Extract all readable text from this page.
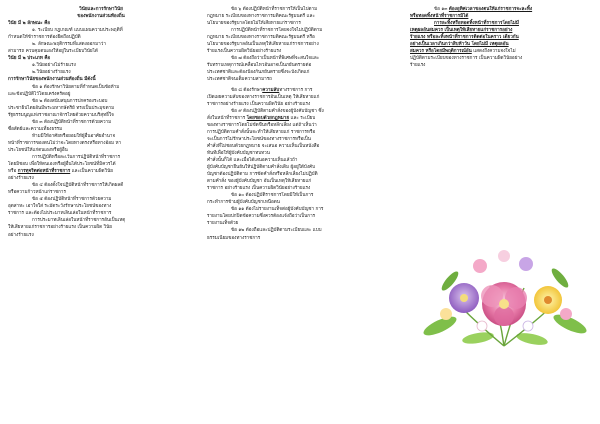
วินัยและการรักษาวินัย

ของพนักงานส่วนท้องถิ่น

วินัย มี ๒ ลักษณะ คือ

๑. ระเบียบ กฎเกณฑ์ แบบแผนความประพฤติที่

กำหนดให้ข้าราชการต้องยึดถือปฏิบัติ

๒. ลักษณะพฤติกรรมที่แสดงออกมาว่า

สามารถ ควบคุมตนเองให้อยู่ในระเบียบวินัยได้

วินัย มี ๒ ประเภท คือ

๑.วินัยอย่างไม่ร้ายแรง

๒.วินัยอย่างร้ายแรง

การรักษาวินัยของพนักงานส่วนท้องถิ่น มีดังนี้

ข้อ ๑ ต้องรักษาวินัยตามที่กำหนดเป็นข้อห้าม

และข้อปฏิบัติไว้โดยเคร่งครัดอยู่

ข้อ ๒ ต้องสนับสนุนการปกครองระบอบ

ประชาธิปไตยอันมีพระมหากษัตริย์ ทรงเป็นประมุขตาม

รัฐธรรมนูญแห่งราชอาณาจักรไทยด้วยความบริสุทธิ์ใจ

ข้อ ๓ ต้องปฏิบัติหน้าที่ราชการด้วยความ

ซื่อสัตย์และความเที่ยงธรรม

ห้ามมิให้อาศัยหรือยอมให้ผู้อื่นอาศัยอำนาจ

หน้าที่ราชการของตนไม่ว่าจะโดยทางตรงหรือทางอ้อม หา

ประโยชน์ให้แก่ตนเองหรือผู้อื่น

การปฏิบัติหรือละเว้นการปฏิบัติหน้าที่ราชการ

โดยมิชอบ เพื่อให้ตนเองหรือผู้อื่นได้ประโยชน์ที่มิควรได้

หรือ การทุจริตต่อหน้าที่ราชการ และเป็นความผิดวินัย

อย่างร้ายแรง

ข้อ ๔ ต้องตั้งใจปฏิบัติหน้าที่ราชการให้เกิดผลดี

หรือความก้าวหน้าแก่ราชการ

ข้อ ๕ ต้องปฏิบัติหน้าที่ราชการด้วยความ

อุตสาหะ เอาใจใส่ ระมัดระวังรักษาประโยชน์ของทาง

ราชการ และต้องไม่ประมาทเลินเล่อในหน้าที่ราชการ

การประมาทเลินเล่อในหน้าที่ราชการอันเป็นเหตุ

ให้เสียหายแก่ราชการอย่างร้ายแรง เป็นความผิด วินัย

อย่างร้ายแรง

ข้อ ๖ ต้องปฏิบัติหน้าที่ราชการให้เป็นไปตาม

กฎหมาย ระเบียบของทางราชการมติคณะรัฐมนตรี และ

นโยบายของรัฐบาลโดยไม่ให้เสียหายแก่ราชการ

การปฏิบัติหน้าที่ราชการโดยจงใจไม่ปฏิบัติตาม

กฎหมาย ระเบียบของทางราชการมติคณะรัฐมนตรี หรือ

นโยบายของรัฐบาลอันเป็นเหตุให้เสียหายแก่ราชการอย่าง

ร้ายแรงเป็นความผิดวินัยอย่างร้ายแรง

ข้อ ๗ ต้องถือว่าเป็นหน้าที่พิเศษที่จะสนใจและ

รับทราบเหตุการณ์เคลื่อนไหวอันอาจเป็นภยันตรายต่อ

ประเทศชาติและต้องป้องกันภยันตรายซึ่งจะบังเกิดแก่

ประเทศชาติจนเต็มความสามารถ

ข้อ ๘ ต้องรักษาความลับทางราชการ การ

เปิดเผยความลับของทางราชการอันเป็นเหตุ ให้เสียหายแก่

ราชการอย่างร้ายแรง เป็นความผิดวินัย อย่างร้ายแรง

ข้อ ๙ ต้องปฏิบัติตามคำสั่งของผู้บังคับบัญชา ซึ่ง

สั่งในหน้าที่ราชการ โดยชอบด้วยกฎหมาย และ ระเบียบ

ของทางราชการโดยไม่ขัดขืนหรือหลีกเลี่ยง แต่ถ้าเห็นว่า

การปฏิบัติตามคำสั่งนั้นจะทำให้เสียหายแก่ ราชการหรือ

จะเป็นการไม่รักษาประโยชน์ของทางราชการหรือเป็น

คำสั่งที่ไม่ชอบด้วยกฎหมาย จะเสนอ ความเห็นเป็นหนังสือ

ทันทีเพื่อให้ผู้บังคับบัญชาทบทวน

คำสั่งนั้นก็ได้ และเมื่อได้เสนอความเห็นแล้วถ้า

ผู้บังคับบัญชายืนยันให้ปฏิบัติตามคำสั่งเดิม ผู้อยู่ใต้บังคับ

บัญชาต้องปฏิบัติตาม การขัดคำสั่งหรือหลีกเลี่ยงไม่ปฏิบัติ

ตามคำสั่ง ของผู้บังคับบัญชา อันเป็นเหตุให้เสียหายแก่

ราชการ อย่างร้ายแรง เป็นความผิดวินัยอย่างร้ายแรง

ข้อ ๑๐ ต้องปฏิบัติราชการโดยมิให้เป็นการ

กระทำการข้ามผู้บังคับบัญชาเหนือตน

ข้อ ๑๑ ต้องไม่รายงานเท็จต่อผู้บังคับบัญชา การ

รายงานโดยปกปิดข้อความซึ่งควรต้องแจ้งถือว่าเป็นการ

รายงานเท็จด้วย

ข้อ ๑๒ ต้องถือและปฏิบัติตามระเบียบและ แบบ

ธรรมเนียมของทางราชการ

ข้อ ๑๓ ต้องอุทิศเวลาของตนให้แก่ราชการจะละทิ้ง

หรือทอดทิ้งหน้าที่ราชการมิได้

การละทิ้งหรือทอดทิ้งหน้าที่ราชการโดยไม่มี

เหตุผลอันสมควร เป็นเหตุให้เสียหายแก่ราชการอย่าง

ร้ายแรง หรือละทิ้งหน้าที่ราชการติดต่อในคราว เดียวกัน

อย่างเป็นเวลาเกินกว่าสิบห้าวัน โดยไม่มี เหตุผลอัน

สมควร หรือโดยมีพฤติการณ์อัน แสดงถึงความจงใจไม่

ปฏิบัติตามระเบียบของทางราชการ เป็นความผิดวินัยอย่าง

ร้ายแรง
